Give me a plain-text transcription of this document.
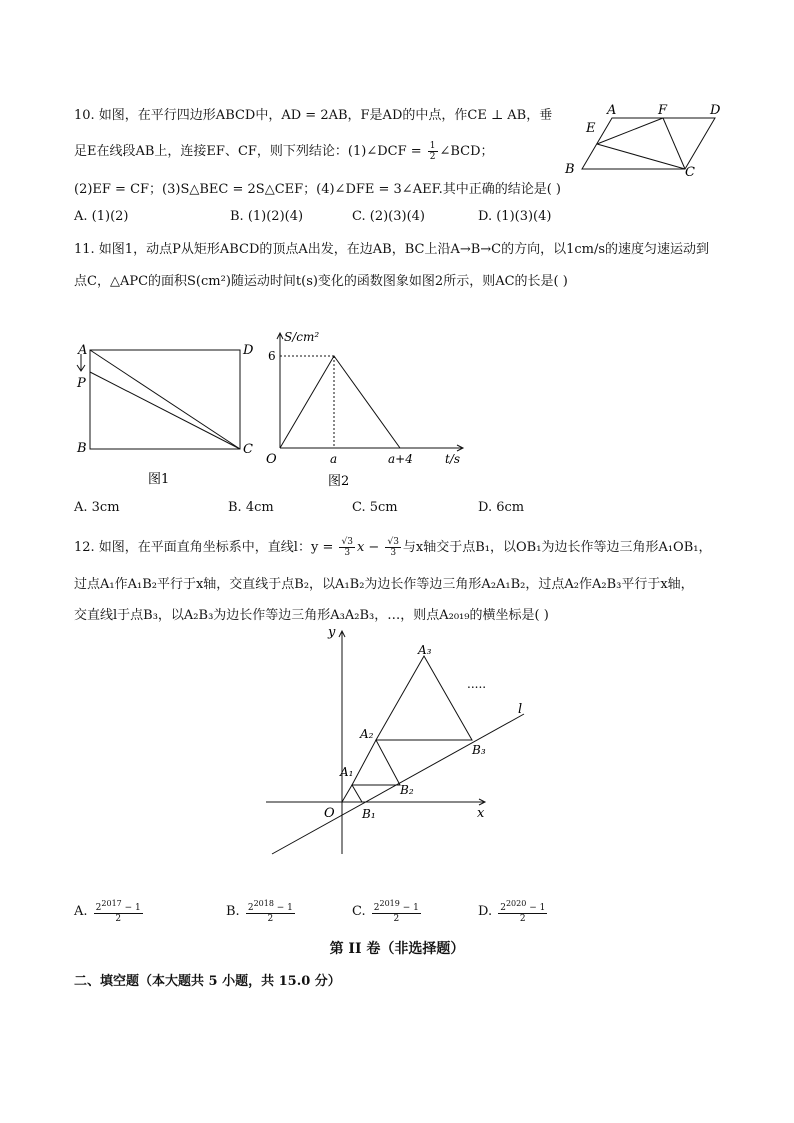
10. 如图，在平行四边形ABCD中，AD = 2AB，F是AD的中点，作CE ⊥ AB，垂
足E在线段AB上，连接EF、CF，则下列结论：(1)∠DCF = $\frac{1}{2}$ ∠BCD；
(2)EF = CF；(3)S△BEC = 2S△CEF；(4)∠DFE = 3∠AEF.其中正确的结论是( )
A. (1)(2)	B. (1)(2)(4)	C. (2)(3)(4)	D. (1)(3)(4)
A	F	D
E
B	C
11. 如图1，动点P从矩形ABCD的顶点A出发，在边AB，BC上沿A→B→C的方向，以1cm/s的速度匀速运动到
点C，△APC的面积S(cm²)随运动时间t(s)变化的函数图象如图2所示，则AC的长是( )
A
P
B	C
D
图1
S/cm²
6
O	a	a+4	t/s
图2
A. 3cm	B. 4cm	C. 5cm	D. 6cm
12. 如图，在平面直角坐标系中，直线l：$y = \frac{√3}{3}$ $x - \frac{√3}{3}$ 与x轴交于点B₁，以OB₁为边长作等边三角形A₁OB₁，
过点A₁作A₁B₂平行于x轴，交直线于点B₂，以A₁B₂为边长作等边三角形A₂A₁B₂，过点A₂作A₂B₃平行于x轴，
交直线l于点B₃，以A₂B₃为边长作等边三角形A₃A₂B₃，…，则点A₂₀₁₉的横坐标是( )
y
x
O
l
A₁
A₂
A₃
B₁
B₂
B₃
.....
A. $\frac{2^{2017} - 1}{2}$	B. $\frac{2^{2018} - 1}{2}$	C. $\frac{2^{2019} - 1}{2}$	D. $\frac{2^{2020} - 1}{2}$
第 II 卷（非选择题）
二、填空题（本大题共 5 小题，共 15.0 分）
